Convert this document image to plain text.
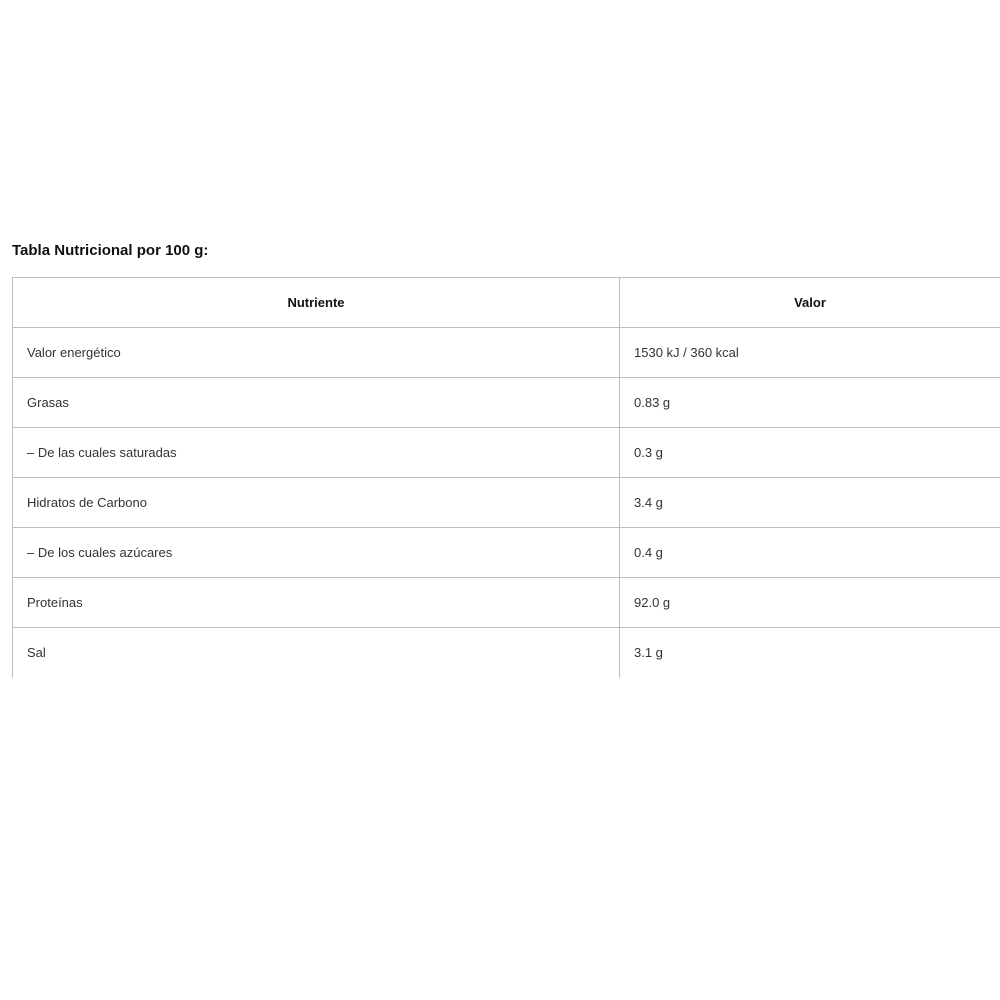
Tabla Nutricional por 100 g:
Nutriente	Valor
Valor energético	1530 kJ / 360 kcal
Grasas	0.83 g
– De las cuales saturadas	0.3 g
Hidratos de Carbono	3.4 g
– De los cuales azúcares	0.4 g
Proteínas	92.0 g
Sal	3.1 g
